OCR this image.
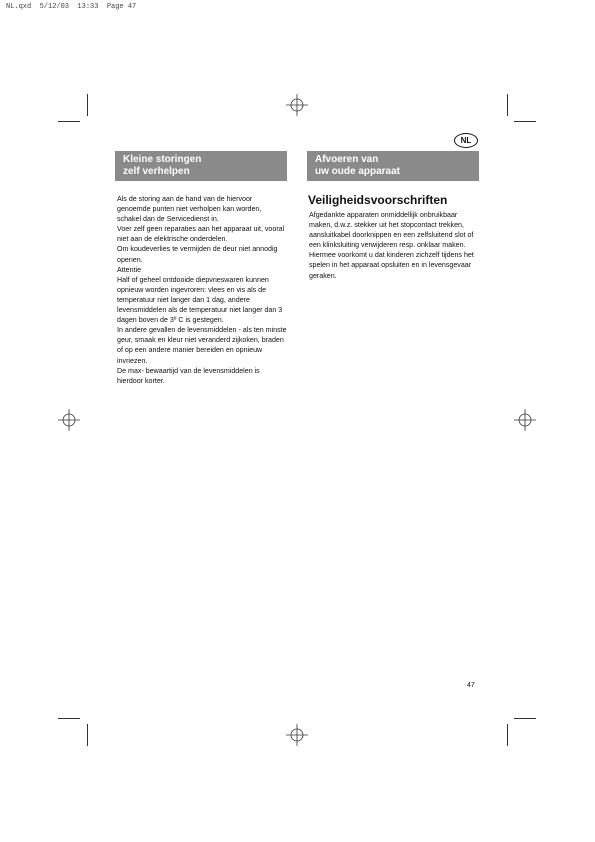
NL.qxd  5/12/03  13:33  Page 47
NL
Kleine storingen
zelf verhelpen

Als de storing aan de hand van de hiervoor genoemde punten niet verholpen kan worden, schakel dan de Servicedienst in.

Voer zelf geen reparaties aan het apparaat uit, vooral niet aan de elektrische onderdelen.

Om koudeverlies te vermijden de deur niet annodig openen.

Attentie

Half of geheel ontdooide diepvrieswaren kunnen opnieuw worden ingevroren: vlees en vis als de temperatuur niet langer dan 1 dag, andere levensmiddelen als de temperatuur niet langer dan 3 dagen boven de 3º C is gestegen.

In andere gevallen de levensmiddelen - als ten minste geur, smaak en kleur niet veranderd zijkoken, braden of op een andere manier bereiden en opnieuw invriezen.

De max- bewaartijd van de levensmiddelen is hierdoor korter.

Afvoeren van
uw oude apparaat
Veiligheidsvoorschriften

Afgedankte apparaten onmiddellijk onbruikbaar maken, d.w.z. stekker uit het stopcontact trekken, aansluitkabel doorknippen en een zelfsluitend slot of een klinksluiting verwijderen resp. onklaar maken.

Hiermee voorkomt u dat kinderen zichzelf tijdens het spelen in het apparaat opsluiten en in levensgevaar geraken.

47
